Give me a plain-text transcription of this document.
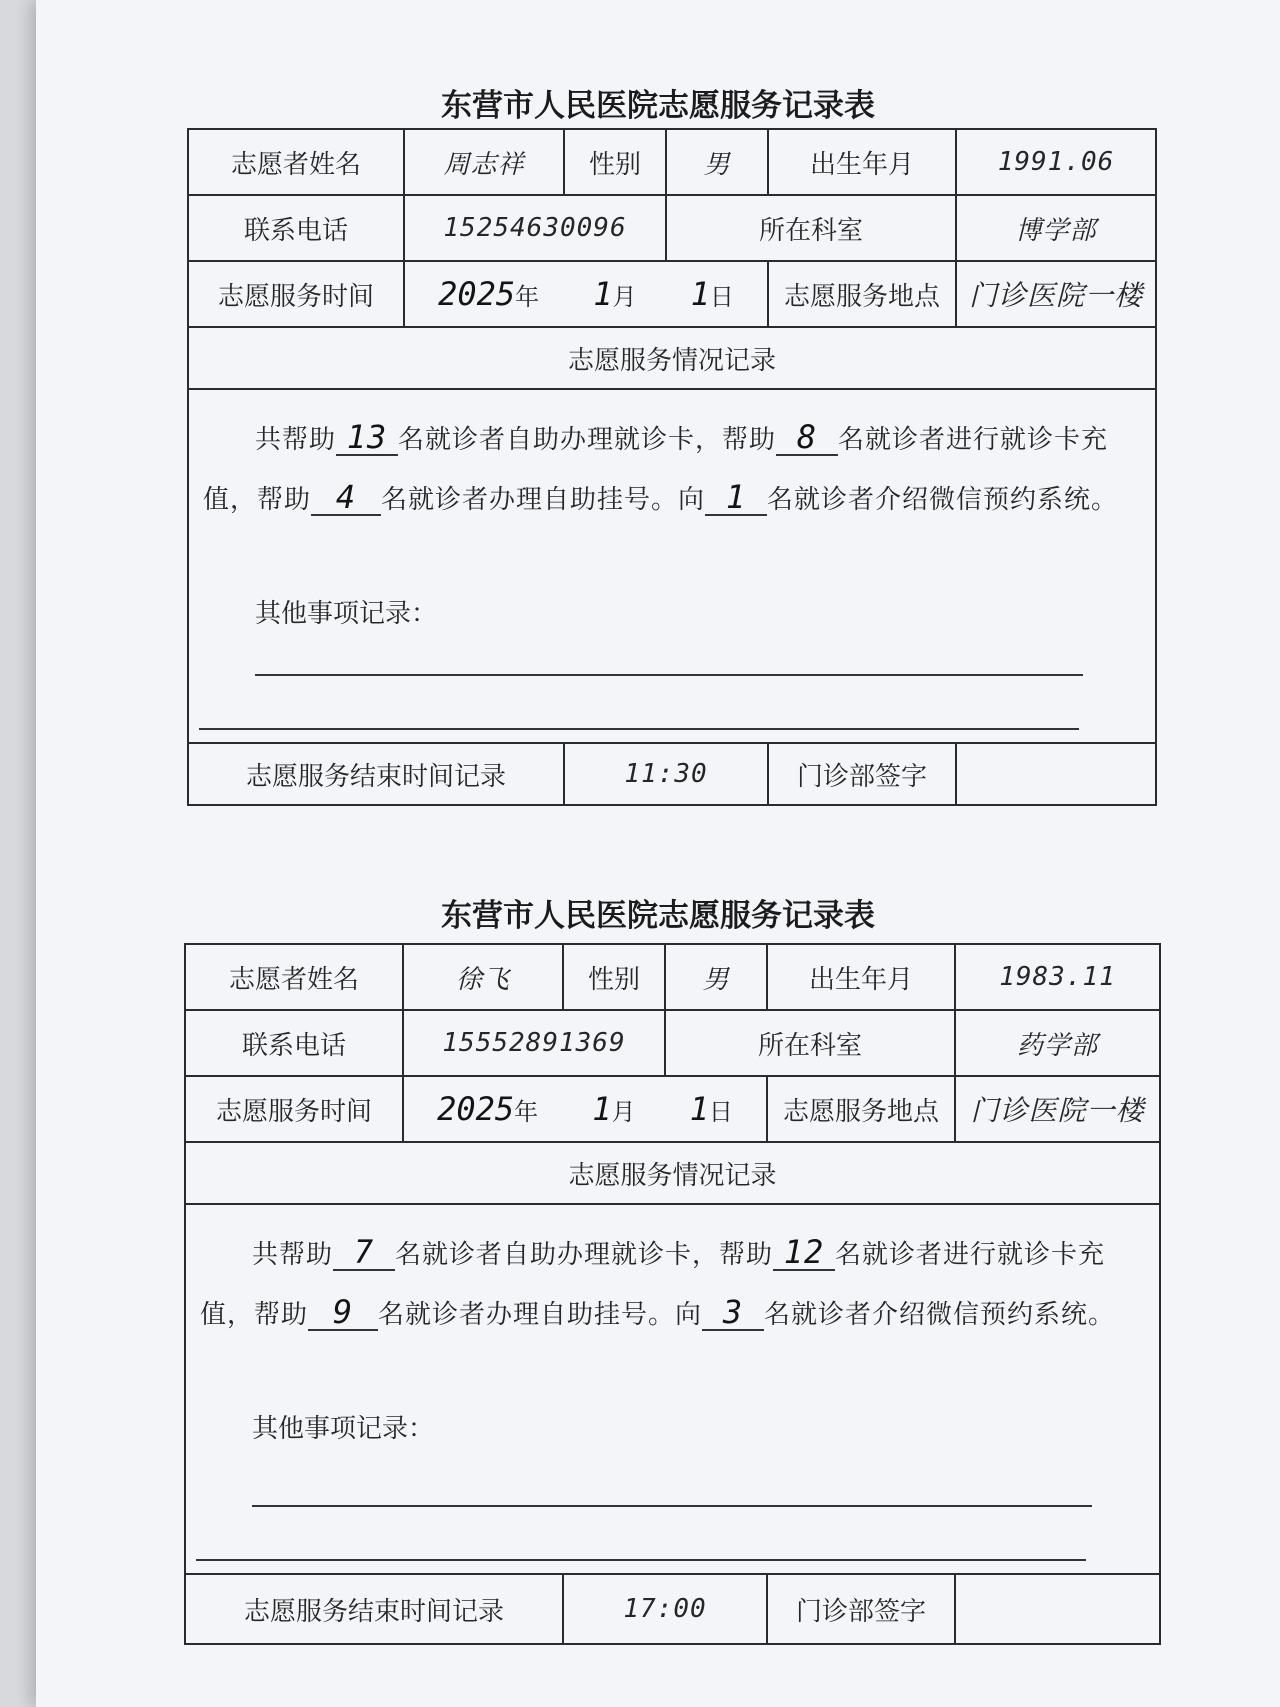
东营市人民医院志愿服务记录表
志愿者姓名	周志祥	性别	男	出生年月	1991.06
联系电话	15254630096		所在科室		博学部
志愿服务时间	2025年 1月 1日			志愿服务地点	门诊医院一楼
志愿服务情况记录					

共帮助 13 名就诊者自助办理就诊卡，帮助 8 名就诊者进行就诊卡充值，帮助 4 名就诊者办理自助挂号。向 1 名就诊者介绍微信预约系统。
其他事项记录：					

志愿服务结束时间记录		11:30		门诊部签字	
东营市人民医院志愿服务记录表
志愿者姓名	徐飞	性别	男	出生年月	1983.11
联系电话	15552891369		所在科室		药学部
志愿服务时间	2025年 1月 1日			志愿服务地点	门诊医院一楼
志愿服务情况记录					

共帮助 7 名就诊者自助办理就诊卡，帮助 12 名就诊者进行就诊卡充值，帮助 9 名就诊者办理自助挂号。向 3 名就诊者介绍微信预约系统。
其他事项记录：					

志愿服务结束时间记录		17:00		门诊部签字	
